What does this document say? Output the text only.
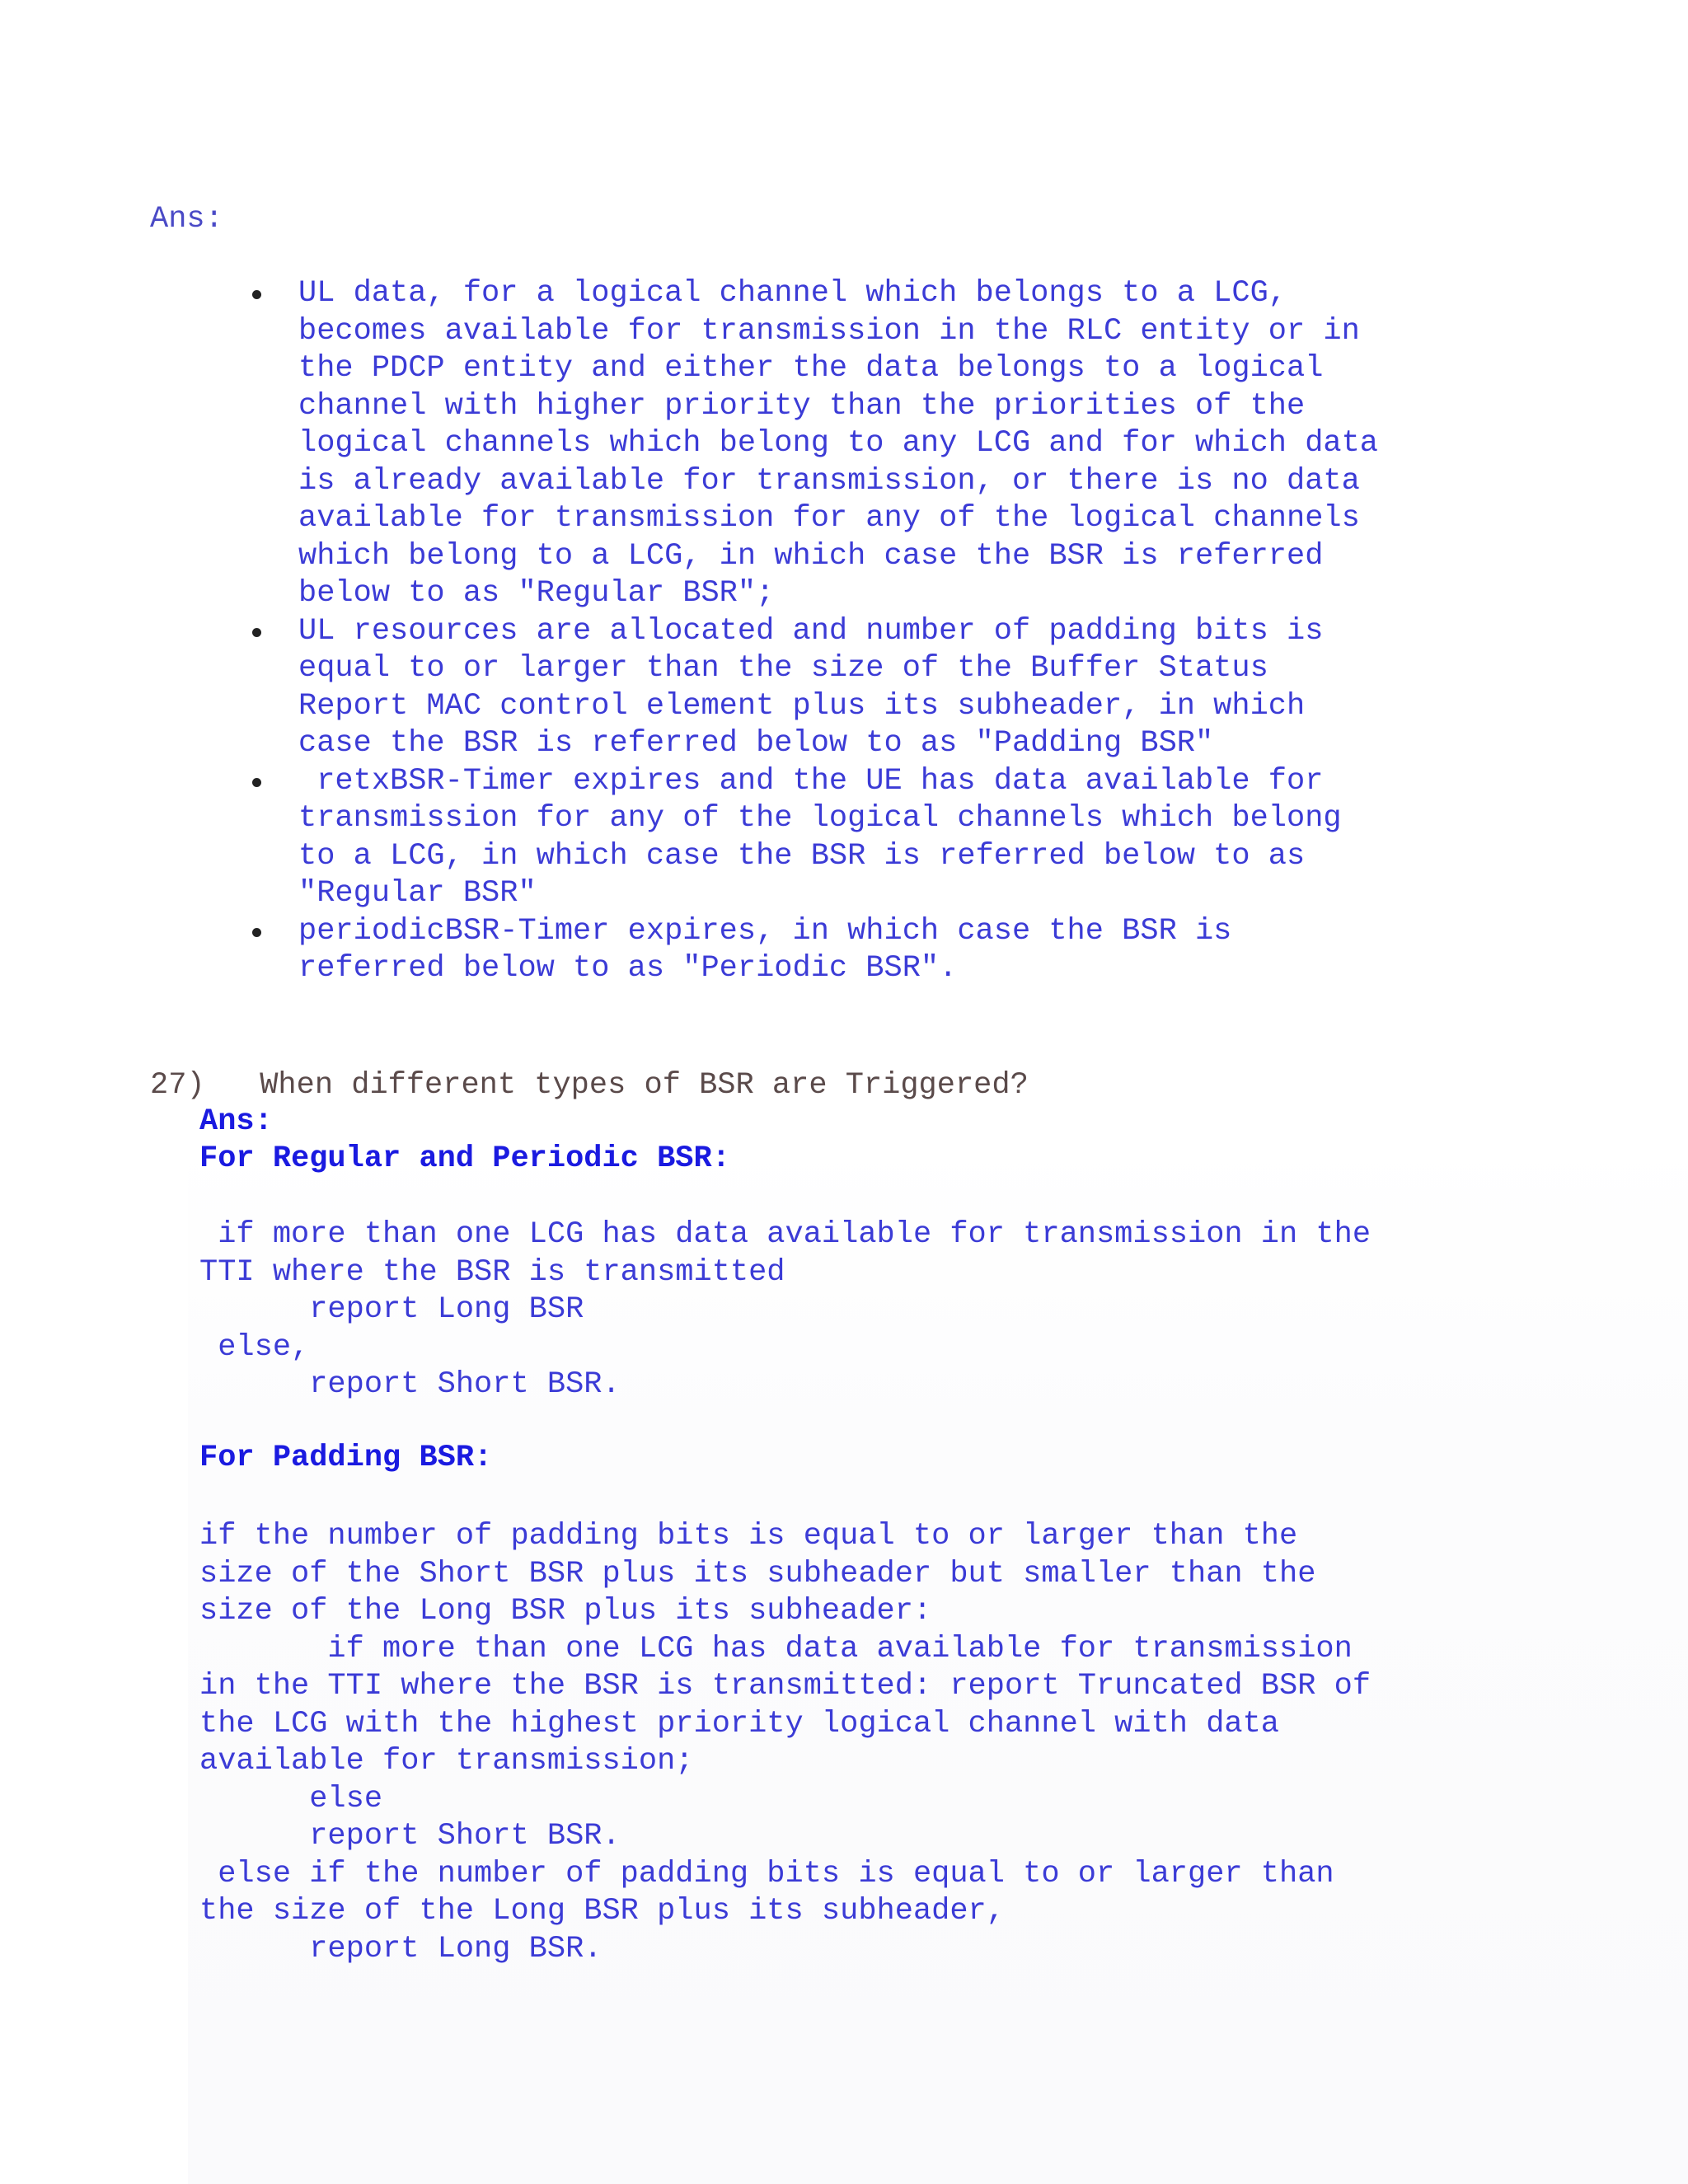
Ans:

UL data, for a logical channel which belongs to a LCG,
becomes available for transmission in the RLC entity or in
the PDCP entity and either the data belongs to a logical
channel with higher priority than the priorities of the
logical channels which belong to any LCG and for which data
is already available for transmission, or there is no data
available for transmission for any of the logical channels
which belong to a LCG, in which case the BSR is referred
below to as "Regular BSR";
UL resources are allocated and number of padding bits is
equal to or larger than the size of the Buffer Status
Report MAC control element plus its subheader, in which
case the BSR is referred below to as "Padding BSR"
retxBSR-Timer expires and the UE has data available for
transmission for any of the logical channels which belong
to a LCG, in which case the BSR is referred below to as
"Regular BSR"
periodicBSR-Timer expires, in which case the BSR is
referred below to as "Periodic BSR".

27)   When different types of BSR are Triggered?

Ans:

For Regular and Periodic BSR:

if more than one LCG has data available for transmission in the
TTI where the BSR is transmitted
report Long BSR
else,
report Short BSR.

For Padding BSR:

if the number of padding bits is equal to or larger than the
size of the Short BSR plus its subheader but smaller than the
size of the Long BSR plus its subheader:
if more than one LCG has data available for transmission
in the TTI where the BSR is transmitted: report Truncated BSR of
the LCG with the highest priority logical channel with data
available for transmission;
else
report Short BSR.
else if the number of padding bits is equal to or larger than
the size of the Long BSR plus its subheader,
report Long BSR.
